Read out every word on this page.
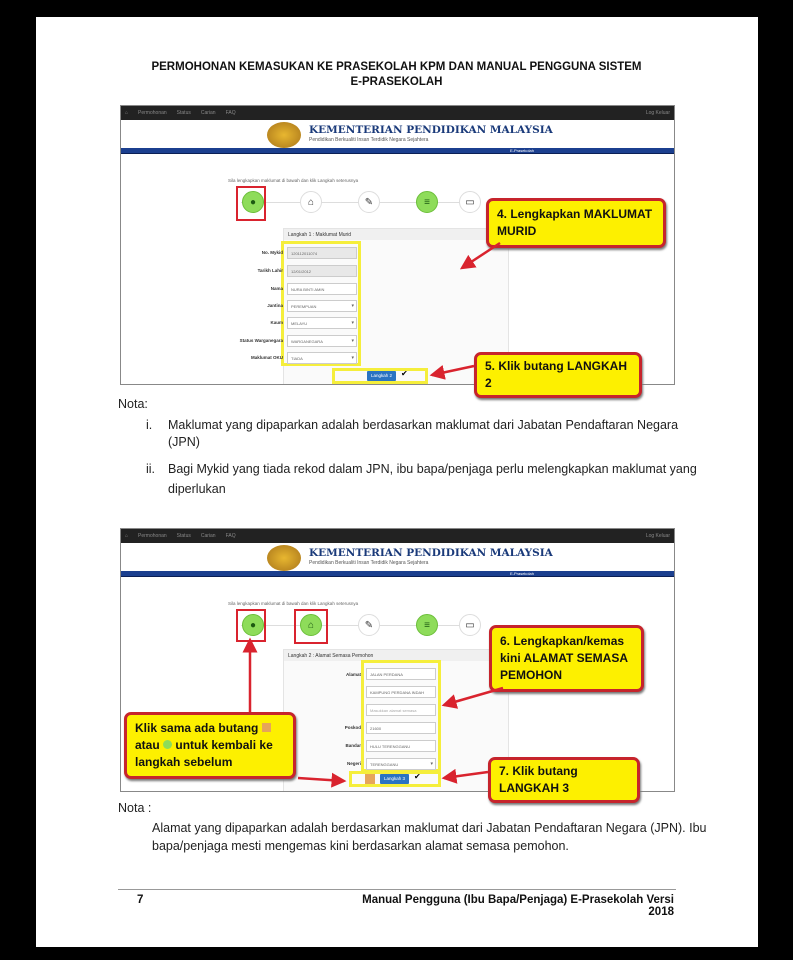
PERMOHONAN KEMASUKAN KE PRASEKOLAH KPM DAN MANUAL PENGGUNA SISTEM
E-PRASEKOLAH
⌂ Permohonan Status Carian FAQ	Log Keluar
KEMENTERIAN PENDIDIKAN MALAYSIA
Pendidikan Berkualiti Insan Terdidik Negara Sejahtera
E-Prasekolah
Sila lengkapkan maklumat di bawah dan klik Langkah seterusnya
●	⌂	✎	≡	▭
Langkah 1 : Maklumat Murid
No. Mykid	120112011074
Tarikh Lahir	12/01/2012
Nama	NURA BINTI AMIN
Jantina	PEREMPUAN ▾
Kaum	MELAYU ▾
Status Warganegara	WARGANEGARA ▾
Maklumat OKU	TIADA ▾
Langkah 2	✔
4. Lengkapkan MAKLUMAT MURID
5. Klik butang LANGKAH 2
Nota:
i. Maklumat yang dipaparkan adalah berdasarkan maklumat dari Jabatan Pendaftaran Negara
(JPN)
ii. Bagi Mykid yang tiada rekod dalam JPN, ibu bapa/penjaga perlu melengkapkan maklumat yang
diperlukan
⌂ Permohonan Status Carian FAQ	Log Keluar
KEMENTERIAN PENDIDIKAN MALAYSIA
Pendidikan Berkualiti Insan Terdidik Negara Sejahtera
E-Prasekolah
Sila lengkapkan maklumat di bawah dan klik Langkah seterusnya
●	⌂	✎	≡	▭
Langkah 2 : Alamat Semasa Pemohon
Alamat	JALAN PERDANA
KAMPUNG PERDANA INDAH
Masukkan alamat semasa
Poskod	21600
Bandar	HULU TERENGGANU
Negeri	TERENGGANU ▾
Langkah 3	✔
6. Lengkapkan/kemas kini ALAMAT SEMASA PEMOHON
Klik sama ada butang
atau untuk kembali ke langkah sebelum
7. Klik butang LANGKAH 3
Nota :
Alamat yang dipaparkan adalah berdasarkan maklumat dari Jabatan Pendaftaran Negara (JPN). Ibu
bapa/penjaga mesti mengemas kini berdasarkan alamat semasa pemohon.
7	Manual Pengguna (Ibu Bapa/Penjaga) E-Prasekolah Versi 2018
